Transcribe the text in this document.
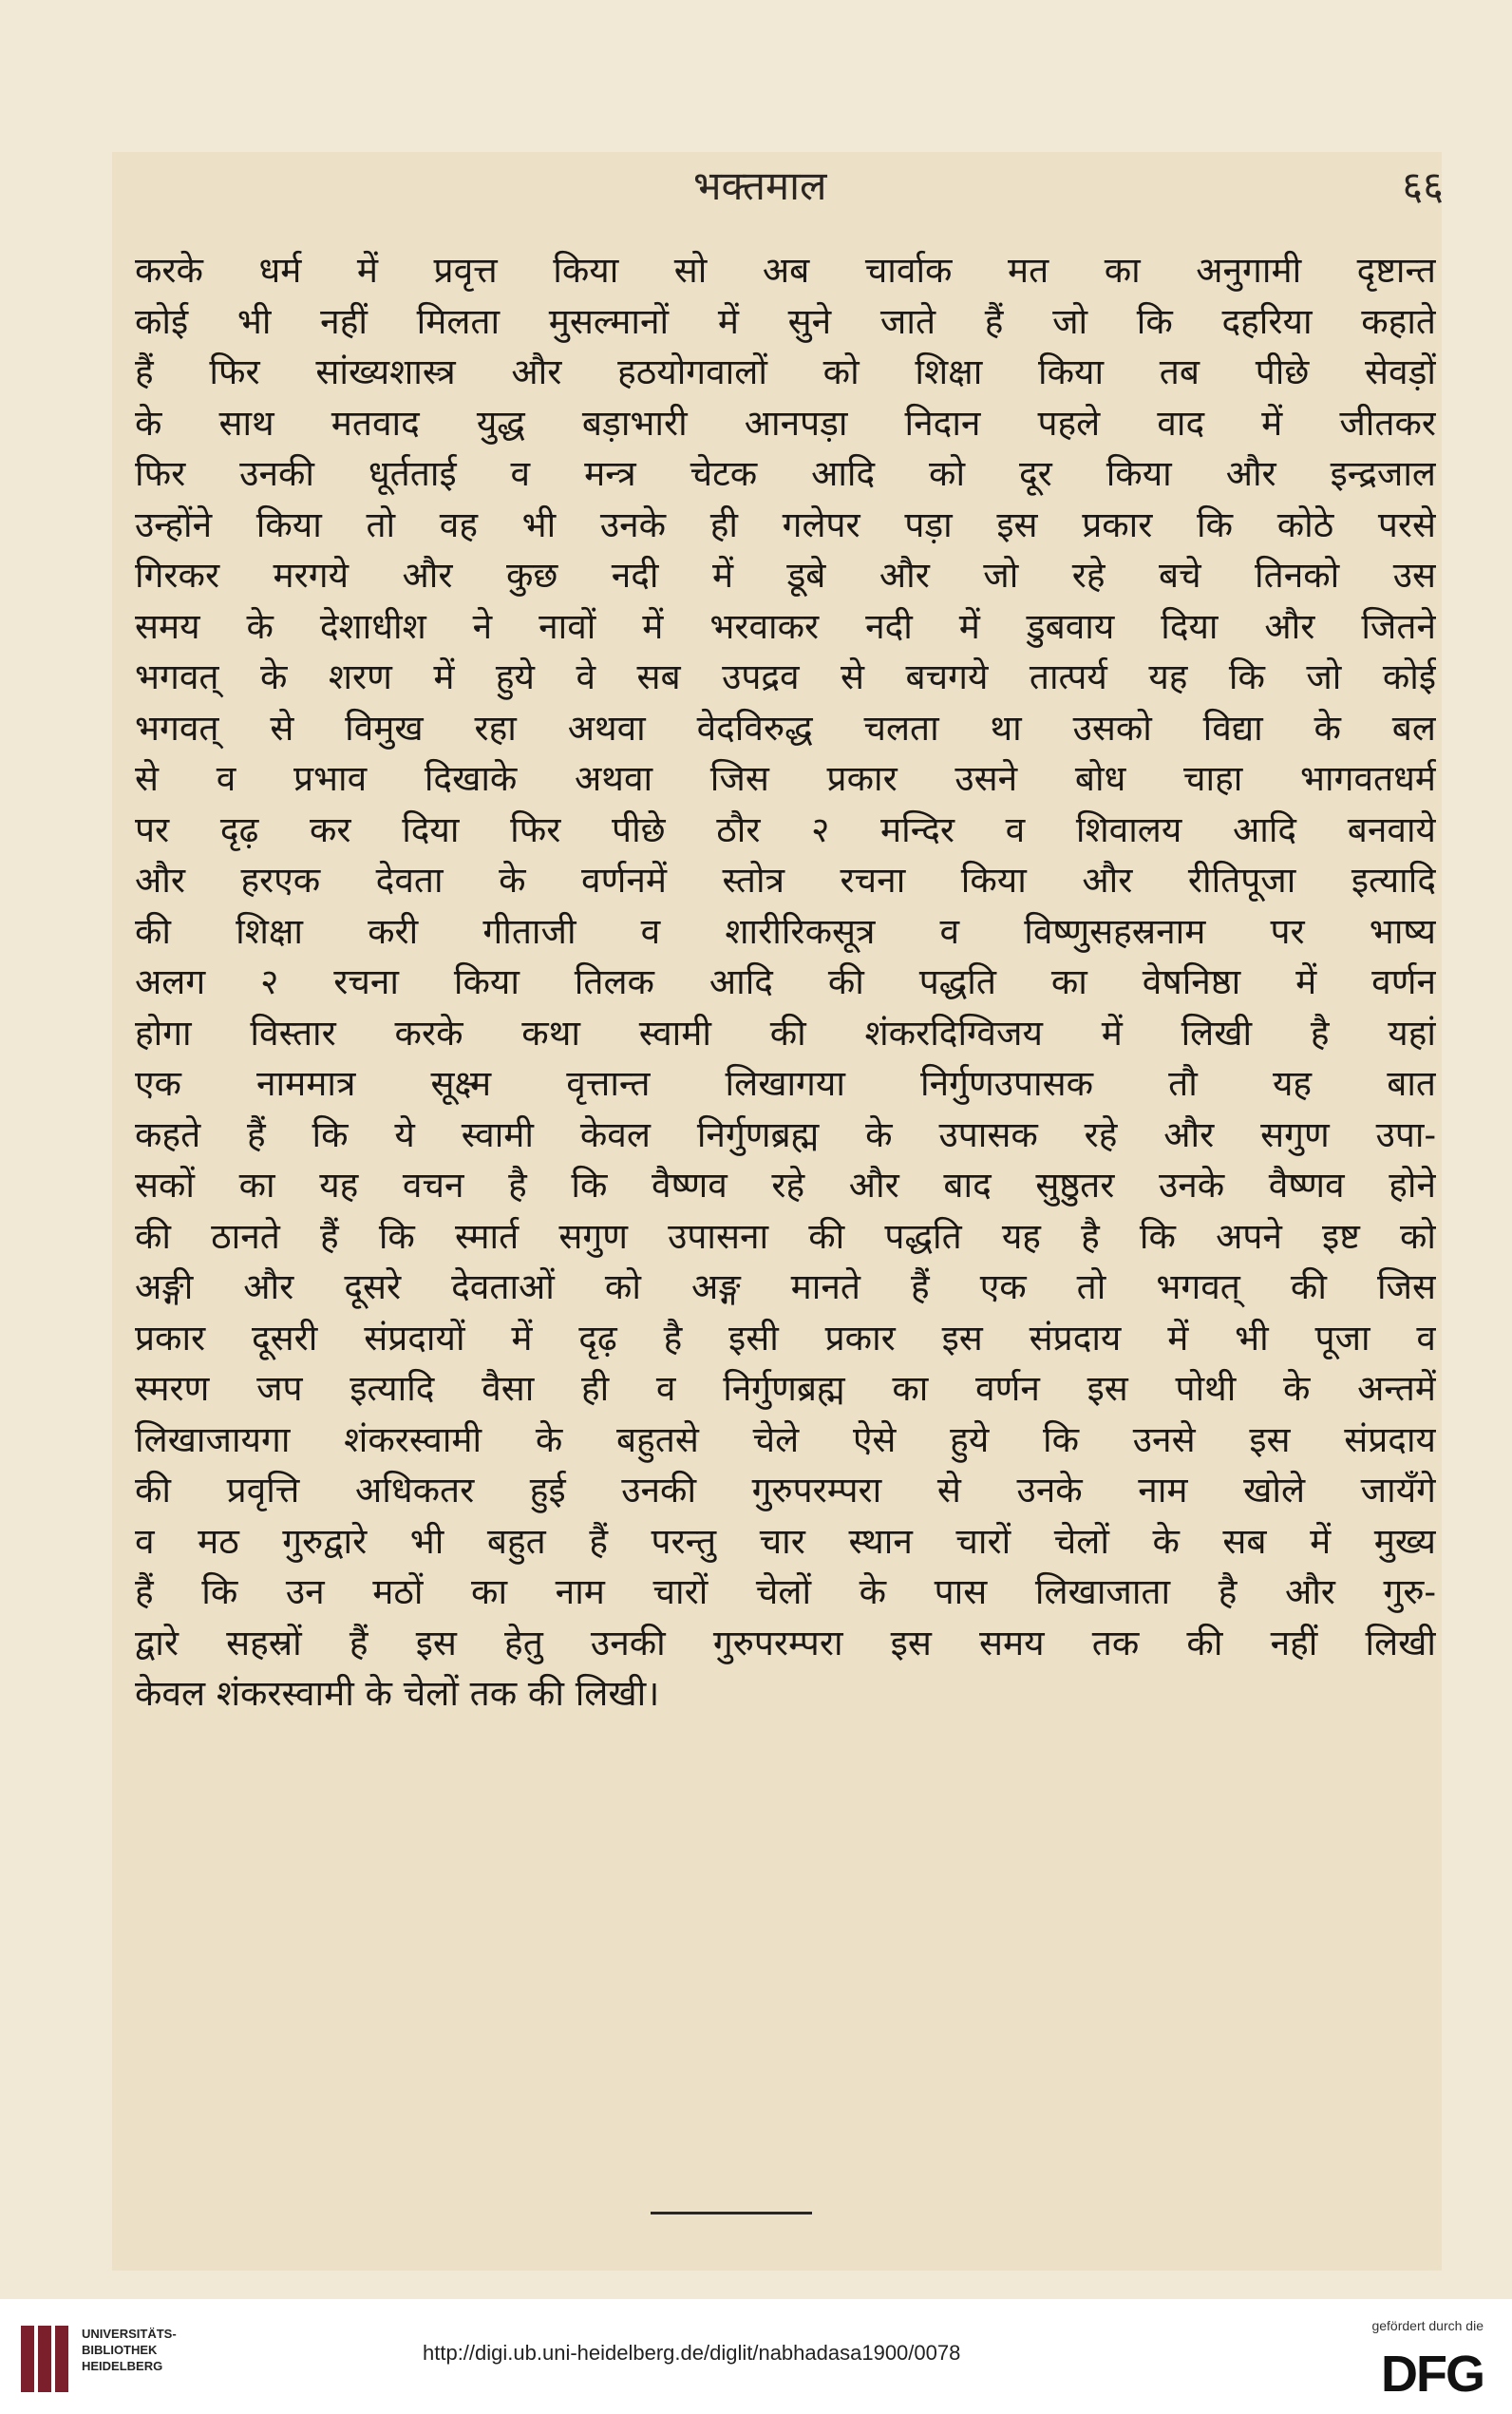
भक्तमाल	६६
करके धर्म में प्रवृत्त किया सो अब चार्वाक मत का अनुगामी दृष्टान्त
कोई भी नहीं मिलता मुसल्मानों में सुने जाते हैं जो कि दहरिया कहाते
हैं फिर सांख्यशास्त्र और हठयोगवालों को शिक्षा किया तब पीछे सेवड़ों
के साथ मतवाद युद्ध बड़ाभारी आनपड़ा निदान पहले वाद में जीतकर
फिर उनकी धूर्तताई व मन्त्र चेटक आदि को दूर किया और इन्द्रजाल
उन्होंने किया तो वह भी उनके ही गलेपर पड़ा इस प्रकार कि कोठे परसे
गिरकर मरगये और कुछ नदी में डूबे और जो रहे बचे तिनको उस
समय के देशाधीश ने नावों में भरवाकर नदी में डुबवाय दिया और जितने
भगवत् के शरण में हुये वे सब उपद्रव से बचगये तात्पर्य यह कि जो कोई
भगवत् से विमुख रहा अथवा वेदविरुद्ध चलता था उसको विद्या के बल
से व प्रभाव दिखाके अथवा जिस प्रकार उसने बोध चाहा भागवतधर्म
पर दृढ़ कर दिया फिर पीछे ठौर २ मन्दिर व शिवालय आदि बनवाये
और हरएक देवता के वर्णनमें स्तोत्र रचना किया और रीतिपूजा इत्यादि
की शिक्षा करी गीताजी व शारीरिकसूत्र व विष्णुसहस्रनाम पर भाष्य
अलग २ रचना किया तिलक आदि की पद्धति का वेषनिष्ठा में वर्णन
होगा विस्तार करके कथा स्वामी की शंकरदिग्विजय में लिखी है यहां
एक नाममात्र सूक्ष्म वृत्तान्त लिखागया निर्गुणउपासक तौ यह बात
कहते हैं कि ये स्वामी केवल निर्गुणब्रह्म के उपासक रहे और सगुण उपा-
सकों का यह वचन है कि वैष्णव रहे और बाद सुष्ठुतर उनके वैष्णव होने
की ठानते हैं कि स्मार्त सगुण उपासना की पद्धति यह है कि अपने इष्ट को
अङ्गी और दूसरे देवताओं को अङ्ग मानते हैं एक तो भगवत् की जिस
प्रकार दूसरी संप्रदायों में दृढ़ है इसी प्रकार इस संप्रदाय में भी पूजा व
स्मरण जप इत्यादि वैसा ही व निर्गुणब्रह्म का वर्णन इस पोथी के अन्तमें
लिखाजायगा शंकरस्वामी के बहुतसे चेले ऐसे हुये कि उनसे इस संप्रदाय
की प्रवृत्ति अधिकतर हुई उनकी गुरुपरम्परा से उनके नाम खोले जायँगे
व मठ गुरुद्वारे भी बहुत हैं परन्तु चार स्थान चारों चेलों के सब में मुख्य
हैं कि उन मठों का नाम चारों चेलों के पास लिखाजाता है और गुरु-
द्वारे सहस्रों हैं इस हेतु उनकी गुरुपरम्परा इस समय तक की नहीं लिखी
केवल शंकरस्वामी के चेलों तक की लिखी।
UNIVERSITÄTS-
BIBLIOTHEK
HEIDELBERG
http://digi.ub.uni-heidelberg.de/diglit/nabhadasa1900/0078
gefördert durch die
DFG
